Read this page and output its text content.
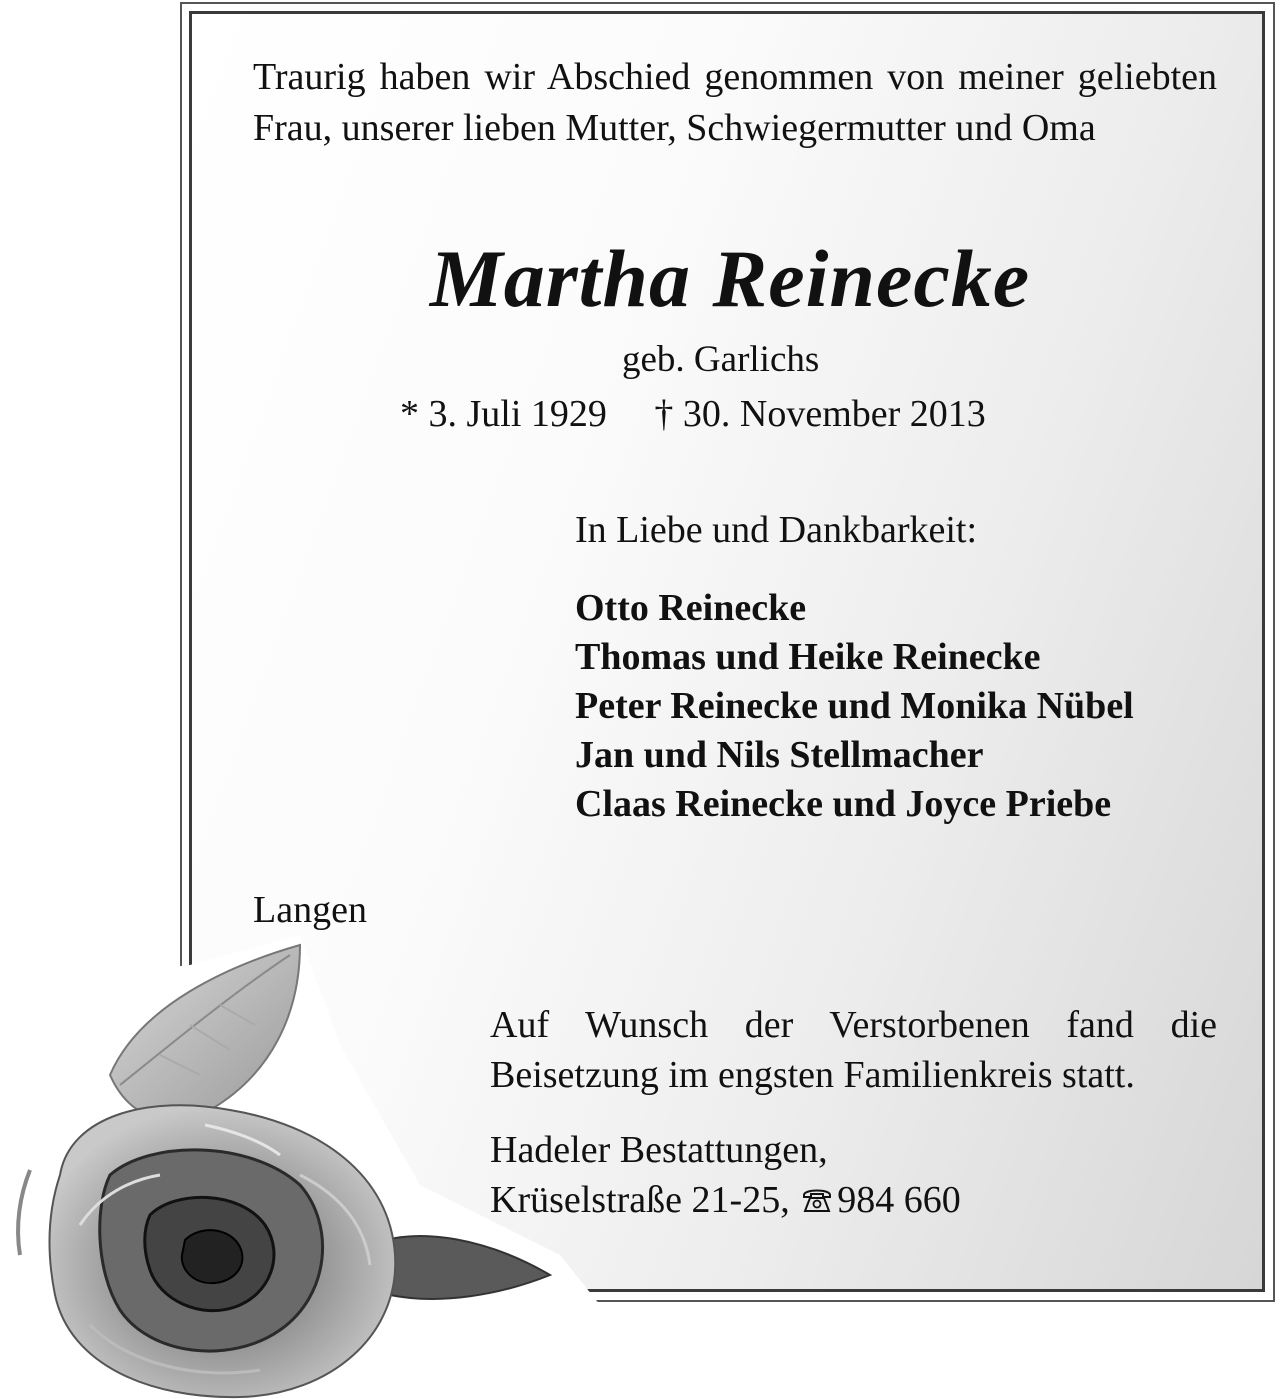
Traurig haben wir Abschied genommen von meiner geliebten Frau, unserer lieben Mutter, Schwiegermutter und Oma
Martha Reinecke
geb. Garlichs
* 3. Juli 1929 † 30. November 2013
In Liebe und Dankbarkeit:
Otto Reinecke
Thomas und Heike Reinecke
Peter Reinecke und Monika Nübel
Jan und Nils Stellmacher
Claas Reinecke und Joyce Priebe
Langen
Auf Wunsch der Verstorbenen fand die Beisetzung im engsten Familienkreis statt.
Hadeler Bestattungen,
Krüselstraße 21-25, 984 660
